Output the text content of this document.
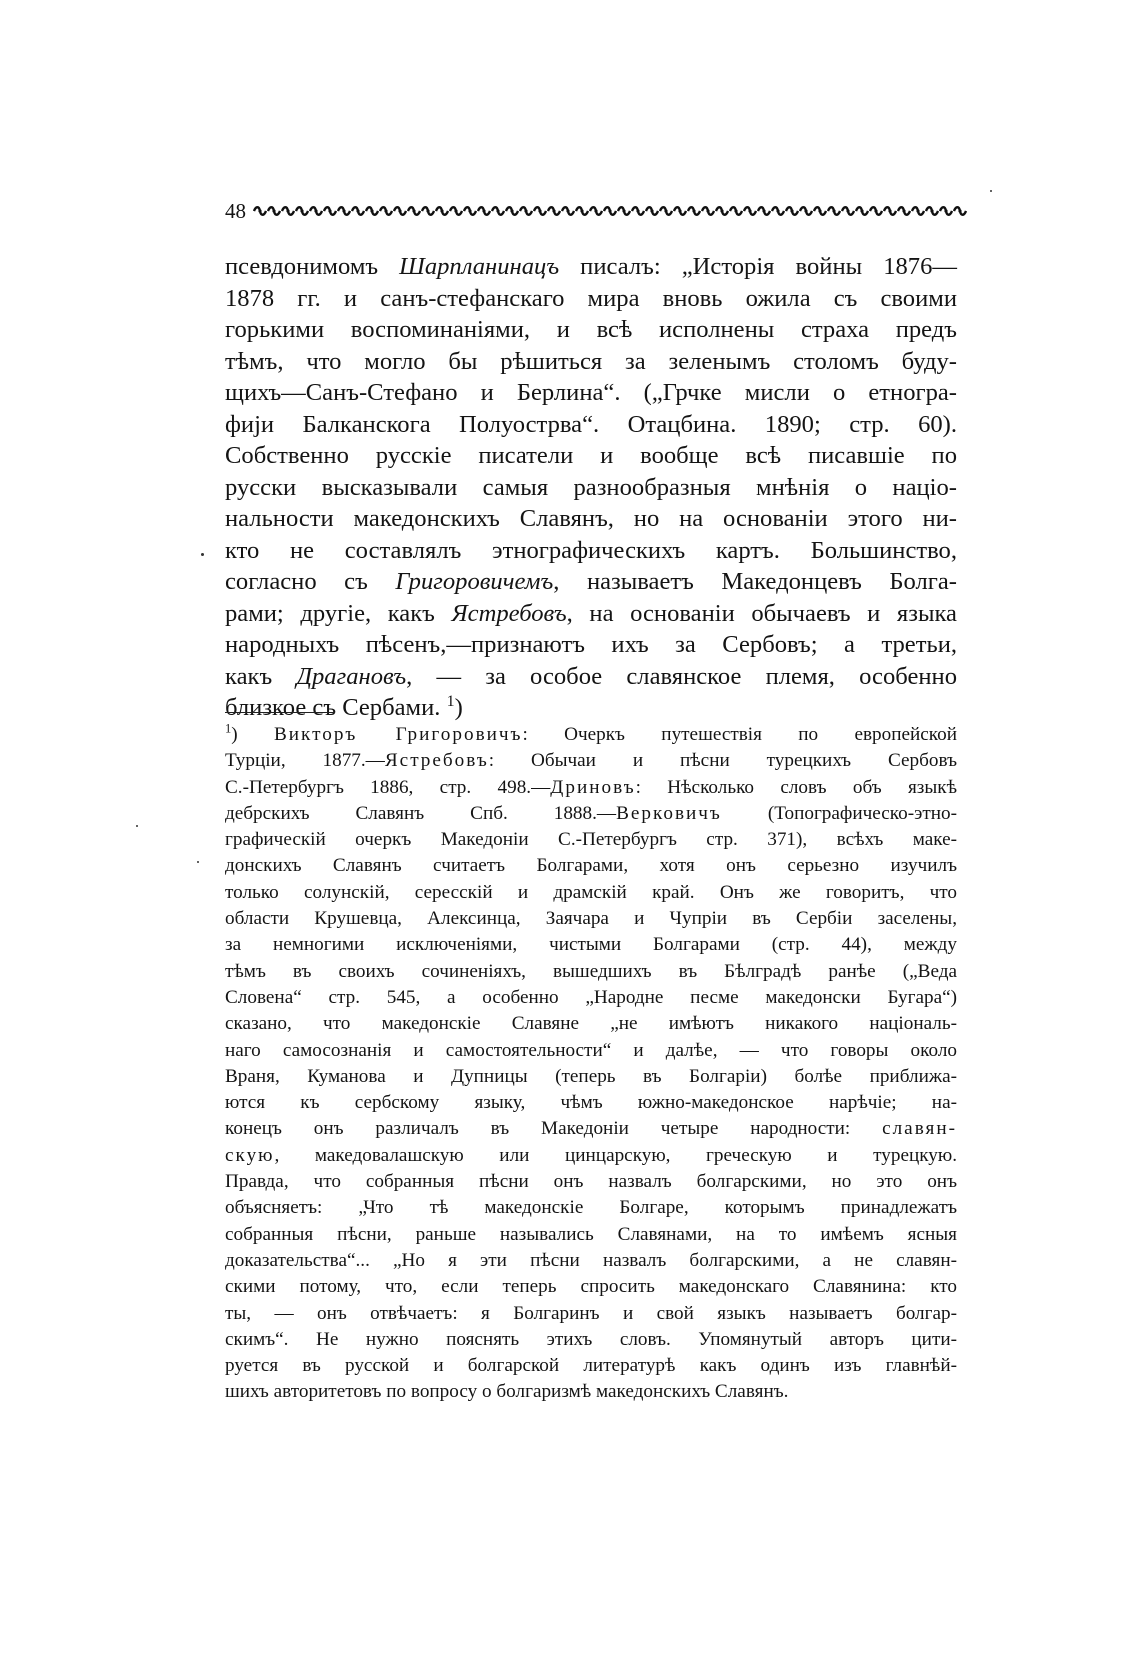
48
псевдонимомъ Шарпланинацъ писалъ: „Исторія войны 1876—
1878 гг. и санъ-стефанскаго мира вновь ожила съ своими
горькими воспоминаніями, и всѣ исполнены страха предъ
тѣмъ, что могло бы рѣшиться за зеленымъ столомъ буду-
щихъ—Санъ-Стефано и Берлина“. („Грчке мисли о етногра-
фиjи Балканскога Полуострва“. Отацбина. 1890; стр. 60).
Собственно русскіе писатели и вообще всѣ писавшіе по
русски высказывали самыя разнообразныя мнѣнія о націо-
нальности македонскихъ Славянъ, но на основаніи этого ни-
кто не составлялъ этнографическихъ картъ. Большинство,
согласно съ Григоровичемъ, называетъ Македонцевъ Болга-
рами; другіе, какъ Ястребовъ, на основаніи обычаевъ и языка
народныхъ пѣсенъ,—признаютъ ихъ за Сербовъ; а третьи,
какъ Драгановъ, — за особое славянское племя, особенно
близкое съ Сербами. $^1$)
$^1$) Викторъ Григоровичъ: Очеркъ путешествія по европейской
Турціи, 1877.—Ястребовъ: Обычаи и пѣсни турецкихъ Сербовъ
С.-Петербургъ 1886, стр. 498.—Дриновъ: Нѣсколько словъ объ языкѣ
дебрскихъ Славянъ Спб. 1888.—Верковичъ (Топографическо-этно-
графическій очеркъ Македоніи С.-Петербургъ стр. 371), всѣхъ маке-
донскихъ Славянъ считаетъ Болгарами, хотя онъ серьезно изучилъ
только солунскій, сересскій и драмскій край. Онъ же говоритъ, что
области Крушевца, Алексинца, Заячара и Чупріи въ Сербіи заселены,
за немногими исключеніями, чистыми Болгарами (стр. 44), между
тѣмъ въ своихъ сочиненіяхъ, вышедшихъ въ Бѣлградѣ ранѣе („Веда
Словена“ стр. 545, а особенно „Народне песме македонски Бугара“)
сказано, что македонскіе Славяне „не имѣютъ никакого національ-
наго самосознанія и самостоятельности“ и далѣе, — что говоры около
Враня, Куманова и Дупницы (теперь въ Болгаріи) болѣе приближа-
ются къ сербскому языку, чѣмъ южно-македонское нарѣчіе; на-
конецъ онъ различалъ въ Македоніи четыре народности: славян-
скую, македовалашскую или цинцарскую, греческую и турецкую.
Правда, что собранныя пѣсни онъ назвалъ болгарскими, но это онъ
объясняетъ: „Что тѣ македонскіе Болгаре, которымъ принадлежатъ
собранныя пѣсни, раньше назывались Славянами, на то имѣемъ ясныя
доказательства“... „Но я эти пѣсни назвалъ болгарскими, а не славян-
скими потому, что, если теперь спросить македонскаго Славянина: кто
ты, — онъ отвѣчаетъ: я Болгаринъ и свой языкъ называетъ болгар-
скимъ“. Не нужно пояснять этихъ словъ. Упомянутый авторъ цити-
руется въ русской и болгарской литературѣ какъ одинъ изъ главнѣй-
шихъ авторитетовъ по вопросу о болгаризмѣ македонскихъ Славянъ.
